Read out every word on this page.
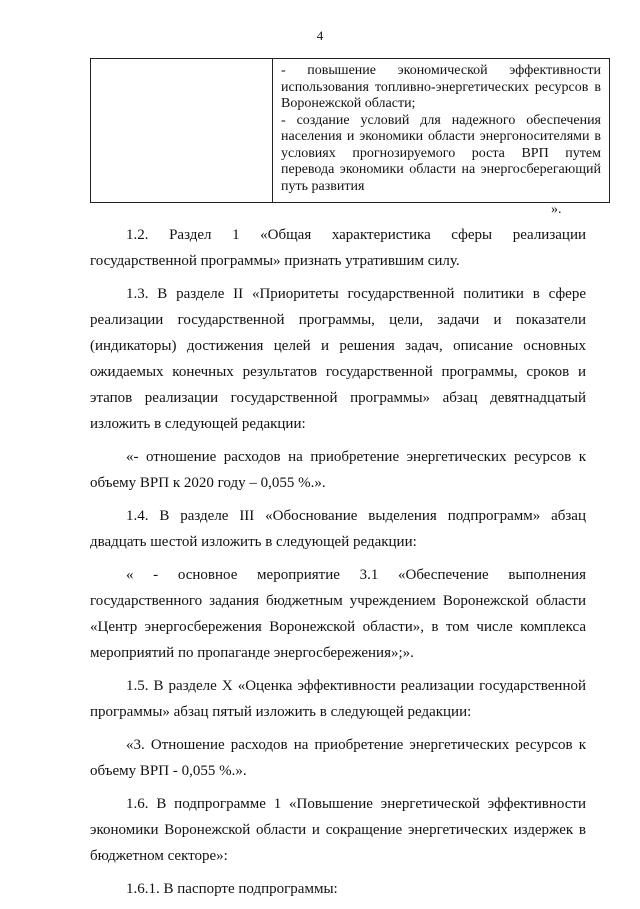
4

- повышение экономической эффективности использования топливно-энергетических ресурсов в Воронежской области;

- создание условий для надежного обеспечения населения и экономики области энергоносителями в условиях прогнозируемого роста ВРП путем перевода экономики области на энергосберегающий путь развития

».

1.2. Раздел 1 «Общая характеристика сферы реализации государственной программы» признать утратившим силу.

1.3. В разделе II «Приоритеты государственной политики в сфере реализации государственной программы, цели, задачи и показатели (индикаторы) достижения целей и решения задач, описание основных ожидаемых конечных результатов государственной программы, сроков и этапов реализации государственной программы» абзац девятнадцатый изложить в следующей редакции:

«- отношение расходов на приобретение энергетических ресурсов к объему ВРП к 2020 году – 0,055 %.».

1.4. В разделе III «Обоснование выделения подпрограмм» абзац двадцать шестой изложить в следующей редакции:

« - основное мероприятие 3.1 «Обеспечение выполнения государственного задания бюджетным учреждением Воронежской области «Центр энергосбережения Воронежской области», в том числе комплекса мероприятий по пропаганде энергосбережения»;».

1.5. В разделе X «Оценка эффективности реализации государственной программы» абзац пятый изложить в следующей редакции:

«3. Отношение расходов на приобретение энергетических ресурсов к объему ВРП - 0,055 %.».

1.6. В подпрограмме 1 «Повышение энергетической эффективности экономики Воронежской области и сокращение энергетических издержек в бюджетном секторе»:

1.6.1. В паспорте подпрограммы:
